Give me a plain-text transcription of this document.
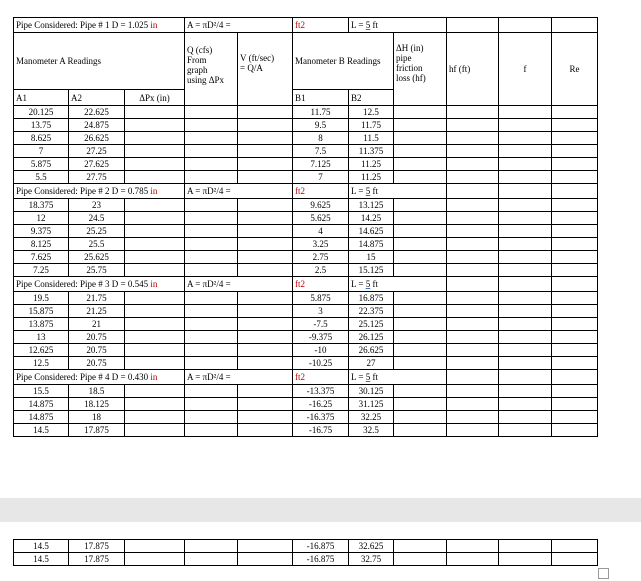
Pipe Considered: Pipe # 1 D = 1.025 in			A = πD²/4 =		ft2	L = 5 ft				
Manometer A Readings			Q (cfs)
From
graph
using ΔPx	V (ft/sec)
= Q/A	Manometer B Readings		ΔH (in)
pipe
friction
loss (hf)	hf (ft)	f	Re
A1	A2	ΔPx (in)			B1	B2				
20.125	22.625				11.75	12.5				
13.75	24.875				9.5	11.75				
8.625	26.625				8	11.5				
7	27.25				7.5	11.375				
5.875	27.625				7.125	11.25				
5.5	27.75				7	11.25				
Pipe Considered: Pipe # 2 D = 0.785 in			A = πD²/4 =		ft2	L = 5 ft				
18.375	23				9.625	13.125				
12	24.5				5.625	14.25				
9.375	25.25				4	14.625				
8.125	25.5				3.25	14.875				
7.625	25.625				2.75	15				
7.25	25.75				2.5	15.125				
Pipe Considered: Pipe # 3 D = 0.545 in			A = πD²/4 =		ft2	L = 5 ft				
19.5	21.75				5.875	16.875				
15.875	21.25				3	22.375				
13.875	21				-7.5	25.125				
13	20.75				-9.375	26.125				
12.625	20.75				-10	26.625				
12.5	20.75				-10.25	27				
Pipe Considered: Pipe # 4 D = 0.430 in			A = πD²/4 =		ft2	L = 5 ft				
15.5	18.5				-13.375	30.125				
14.875	18.125				-16.25	31.125				
14.875	18				-16.375	32.25				
14.5	17.875				-16.75	32.5				
14.5	17.875				-16.875	32.625				
14.5	17.875				-16.875	32.75				
